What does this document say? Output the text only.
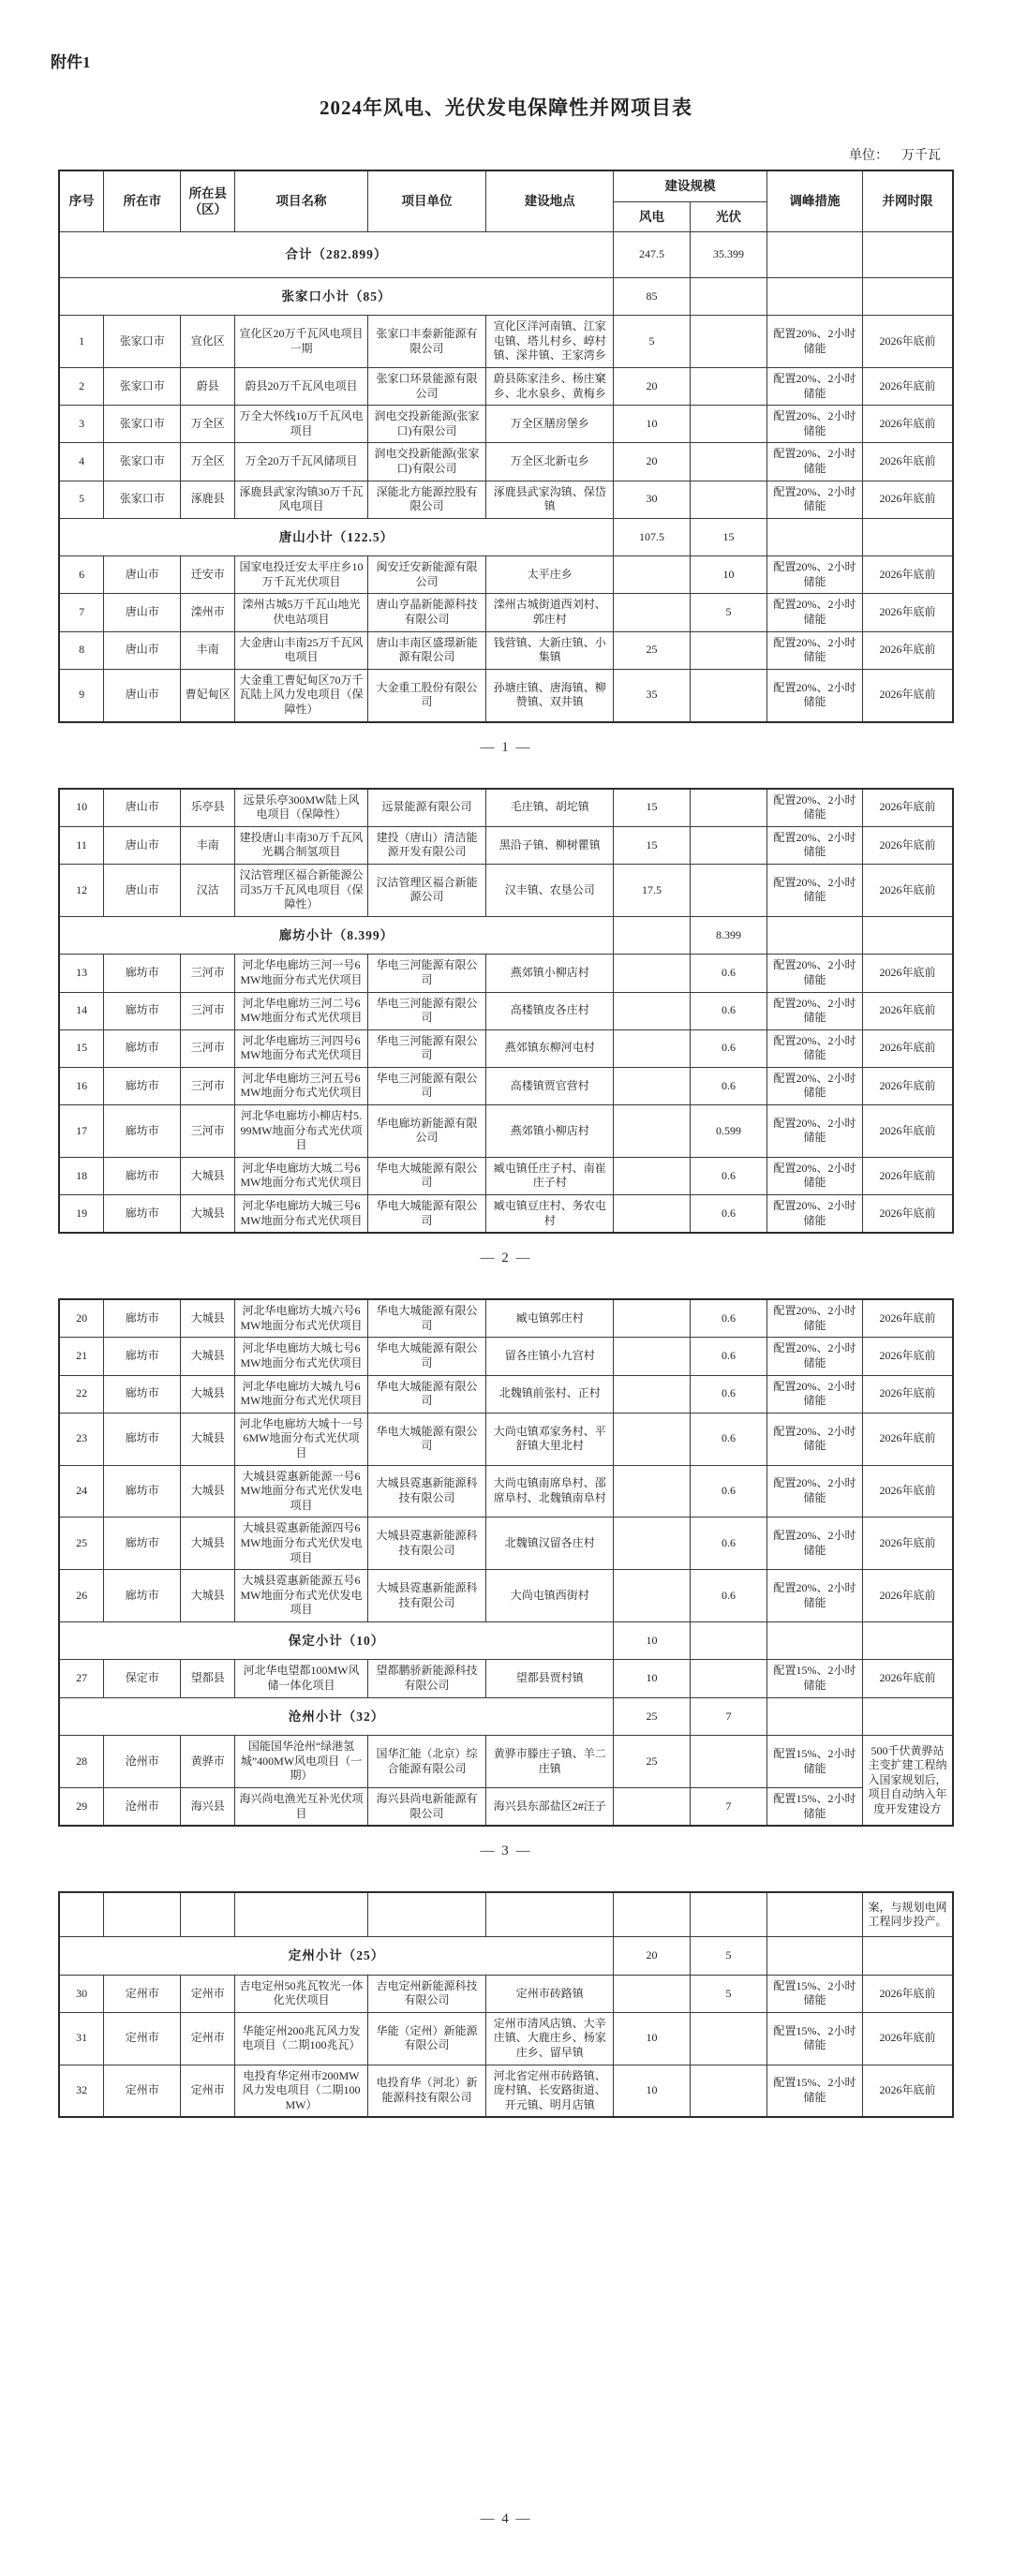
附件1
2024年风电、光伏发电保障性并网项目表
单位： 万千瓦
序号	所在市	所在县（区）	项目名称	项目单位	建设地点	建设规模		调峰措施	并网时限
						风电	光伏		
合计（282.899）						247.5	35.399		
张家口小计（85）						85			
1	张家口市	宣化区	宣化区20万千瓦风电项目一期	张家口丰泰新能源有限公司	宣化区洋河南镇、江家屯镇、塔儿村乡、崞村镇、深井镇、王家湾乡	5		配置20%、2小时储能	2026年底前
2	张家口市	蔚县	蔚县20万千瓦风电项目	张家口环景能源有限公司	蔚县陈家洼乡、杨庄窠乡、北水泉乡、黄梅乡	20		配置20%、2小时储能	2026年底前
3	张家口市	万全区	万全大怀线10万千瓦风电项目	润电交投新能源(张家口)有限公司	万全区膳房堡乡	10		配置20%、2小时储能	2026年底前
4	张家口市	万全区	万全20万千瓦风储项目	润电交投新能源(张家口)有限公司	万全区北新屯乡	20		配置20%、2小时储能	2026年底前
5	张家口市	涿鹿县	涿鹿县武家沟镇30万千瓦风电项目	深能北方能源控股有限公司	涿鹿县武家沟镇、保岱镇	30		配置20%、2小时储能	2026年底前
唐山小计（122.5）						107.5	15		
6	唐山市	迁安市	国家电投迁安太平庄乡10万千瓦光伏项目	闽安迁安新能源有限公司	太平庄乡		10	配置20%、2小时储能	2026年底前
7	唐山市	滦州市	滦州古城5万千瓦山地光伏电站项目	唐山亨晶新能源科技有限公司	滦州古城街道西刘村、郭庄村		5	配置20%、2小时储能	2026年底前
8	唐山市	丰南	大金唐山丰南25万千瓦风电项目	唐山丰南区盛璟新能源有限公司	钱营镇、大新庄镇、小集镇	25		配置20%、2小时储能	2026年底前
9	唐山市	曹妃甸区	大金重工曹妃甸区70万千瓦陆上风力发电项目（保障性）	大金重工股份有限公司	孙塘庄镇、唐海镇、柳赞镇、双井镇	35		配置20%、2小时储能	2026年底前
— 1 —
10	唐山市	乐亭县	远景乐亭300MW陆上风电项目（保障性）	远景能源有限公司	毛庄镇、胡坨镇	15		配置20%、2小时储能	2026年底前
11	唐山市	丰南	建投唐山丰南30万千瓦风光耦合制氢项目	建投（唐山）清洁能源开发有限公司	黑沿子镇、柳树瞿镇	15		配置20%、2小时储能	2026年底前
12	唐山市	汉沽	汉沽管理区福合新能源公司35万千瓦风电项目（保障性）	汉沽管理区福合新能源公司	汉丰镇、农垦公司	17.5		配置20%、2小时储能	2026年底前
廊坊小计（8.399）							8.399		
13	廊坊市	三河市	河北华电廊坊三河一号6MW地面分布式光伏项目	华电三河能源有限公司	燕郊镇小柳店村		0.6	配置20%、2小时储能	2026年底前
14	廊坊市	三河市	河北华电廊坊三河二号6MW地面分布式光伏项目	华电三河能源有限公司	高楼镇皮各庄村		0.6	配置20%、2小时储能	2026年底前
15	廊坊市	三河市	河北华电廊坊三河四号6MW地面分布式光伏项目	华电三河能源有限公司	燕郊镇东柳河屯村		0.6	配置20%、2小时储能	2026年底前
16	廊坊市	三河市	河北华电廊坊三河五号6MW地面分布式光伏项目	华电三河能源有限公司	高楼镇贾官营村		0.6	配置20%、2小时储能	2026年底前
17	廊坊市	三河市	河北华电廊坊小柳店村5.99MW地面分布式光伏项目	华电廊坊新能源有限公司	燕郊镇小柳店村		0.599	配置20%、2小时储能	2026年底前
18	廊坊市	大城县	河北华电廊坊大城二号6MW地面分布式光伏项目	华电大城能源有限公司	臧屯镇任庄子村、南崔庄子村		0.6	配置20%、2小时储能	2026年底前
19	廊坊市	大城县	河北华电廊坊大城三号6MW地面分布式光伏项目	华电大城能源有限公司	臧屯镇豆庄村、务农屯村		0.6	配置20%、2小时储能	2026年底前
— 2 —
20	廊坊市	大城县	河北华电廊坊大城六号6MW地面分布式光伏项目	华电大城能源有限公司	臧屯镇郭庄村		0.6	配置20%、2小时储能	2026年底前
21	廊坊市	大城县	河北华电廊坊大城七号6MW地面分布式光伏项目	华电大城能源有限公司	留各庄镇小九宫村		0.6	配置20%、2小时储能	2026年底前
22	廊坊市	大城县	河北华电廊坊大城九号6MW地面分布式光伏项目	华电大城能源有限公司	北魏镇前张村、正村		0.6	配置20%、2小时储能	2026年底前
23	廊坊市	大城县	河北华电廊坊大城十一号6MW地面分布式光伏项目	华电大城能源有限公司	大尚屯镇邓家务村、平舒镇大里北村		0.6	配置20%、2小时储能	2026年底前
24	廊坊市	大城县	大城县霓惠新能源一号6MW地面分布式光伏发电项目	大城县霓惠新能源科技有限公司	大尚屯镇南席阜村、邵席阜村、北魏镇南阜村		0.6	配置20%、2小时储能	2026年底前
25	廊坊市	大城县	大城县霓惠新能源四号6MW地面分布式光伏发电项目	大城县霓惠新能源科技有限公司	北魏镇汉留各庄村		0.6	配置20%、2小时储能	2026年底前
26	廊坊市	大城县	大城县霓惠新能源五号6MW地面分布式光伏发电项目	大城县霓惠新能源科技有限公司	大尚屯镇西街村		0.6	配置20%、2小时储能	2026年底前
保定小计（10）						10			
27	保定市	望都县	河北华电望都100MW风储一体化项目	望都鹏骄新能源科技有限公司	望都县贾村镇	10		配置15%、2小时储能	2026年底前
沧州小计（32）						25	7		
28	沧州市	黄骅市	国能国华沧州“绿港氢城”400MW风电项目（一期）	国华汇能（北京）综合能源有限公司	黄骅市滕庄子镇、羊二庄镇	25		配置15%、2小时储能	500千伏黄骅站主变扩建工程纳入国家规划后，项目自动纳入年度开发建设方
29	沧州市	海兴县	海兴尚电渔光互补光伏项目	海兴县尚电新能源有限公司	海兴县东部盐区2#汪子		7	配置15%、2小时储能	
— 3 —
									案，与规划电网工程同步投产。
定州小计（25）						20	5		
30	定州市	定州市	吉电定州50兆瓦牧光一体化光伏项目	吉电定州新能源科技有限公司	定州市砖路镇		5	配置15%、2小时储能	2026年底前
31	定州市	定州市	华能定州200兆瓦风力发电项目（二期100兆瓦）	华能（定州）新能源有限公司	定州市清风店镇、大辛庄镇、大鹿庄乡、杨家庄乡、留早镇	10		配置15%、2小时储能	2026年底前
32	定州市	定州市	电投育华定州市200MW风力发电项目（二期100MW）	电投育华（河北）新能源科技有限公司	河北省定州市砖路镇、庞村镇、长安路街道、开元镇、明月店镇	10		配置15%、2小时储能	2026年底前
— 4 —
